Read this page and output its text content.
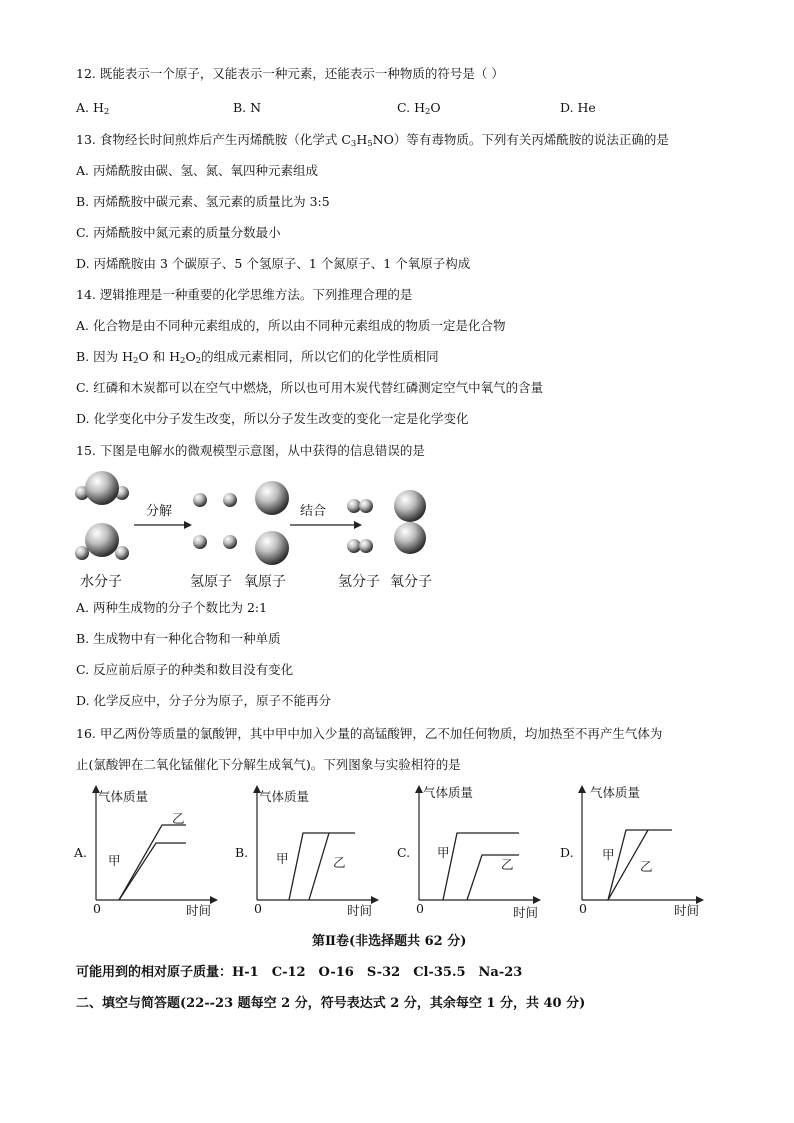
12. 既能表示一个原子，又能表示一种元素，还能表示一种物质的符号是（ ）
A. $H_2$	B. N	C. $H_2O$	D. He
13. 食物经长时间煎炸后产生丙烯酰胺（化学式 $C_3H_5NO$）等有毒物质。下列有关丙烯酰胺的说法正确的是
A. 丙烯酰胺由碳、氢、氮、氧四种元素组成
B. 丙烯酰胺中碳元素、氢元素的质量比为 3:5
C. 丙烯酰胺中氮元素的质量分数最小
D. 丙烯酰胺由 3 个碳原子、5 个氢原子、1 个氮原子、1 个氧原子构成
14. 逻辑推理是一种重要的化学思维方法。下列推理合理的是
A. 化合物是由不同种元素组成的，所以由不同种元素组成的物质一定是化合物
B. 因为 $H_2O$ 和 $H_2O_2$的组成元素相同，所以它们的化学性质相同
C. 红磷和木炭都可以在空气中燃烧，所以也可用木炭代替红磷测定空气中氧气的含量
D. 化学变化中分子发生改变，所以分子发生改变的变化一定是化学变化
15. 下图是电解水的微观模型示意图，从中获得的信息错误的是
分解	结合
水分子	氢原子 氧原子	氢分子 氧分子
A. 两种生成物的分子个数比为 2:1
B. 生成物中有一种化合物和一种单质
C. 反应前后原子的种类和数目没有变化
D. 化学反应中，分子分为原子，原子不能再分
16. 甲乙两份等质量的氯酸钾，其中甲中加入少量的高锰酸钾，乙不加任何物质，均加热至不再产生气体为
止(氯酸钾在二氧化锰催化下分解生成氧气)。下列图象与实验相符的是
A.
气体质量
甲
乙
0	时间
B.
气体质量
甲	乙
0	时间
C.
气体质量
甲
乙
0	时间
D.
气体质量
甲
乙
0	时间
第Ⅱ卷(非选择题共 62 分)
可能用到的相对原子质量：H-1　C-12　O-16　S-32　Cl-35.5　Na-23
二、填空与简答题(22--23 题每空 2 分，符号表达式 2 分，其余每空 1 分，共 40 分)
